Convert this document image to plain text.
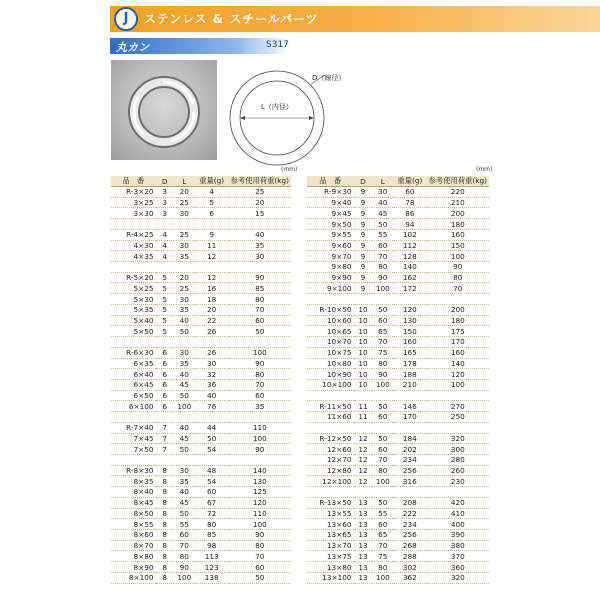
J	ステンレス & スチールパーツ
丸カン	S317
D（線径）
L（内径）
(mm)	(mm)
品　番	D	L	重量(g)	参考使用荷重(kg)
R-3×20	3	20	4	25
3×25	3	25	5	20
3×30	3	30	6	15

R-4×25	4	25	9	40
4×30	4	30	11	35
4×35	4	35	12	30

R-5×20	5	20	12	90
5×25	5	25	16	85
5×30	5	30	18	80
5×35	5	35	20	70
5×40	5	40	22	60
5×50	5	50	26	50

R-6×30	6	30	26	100
6×35	6	35	30	90
6×40	6	40	32	80
6×45	6	45	36	70
6×50	6	50	40	60
6×100	6	100	76	35

R-7×40	7	40	44	110
7×45	7	45	50	100
7×50	7	50	54	90

R-8×30	8	30	48	140
8×35	8	35	54	130
8×40	8	40	60	125
8×45	8	45	67	120
8×50	8	50	72	110
8×55	8	55	80	100
8×60	8	60	85	90
8×70	8	70	98	80
8×80	8	80	113	70
8×90	8	90	123	60
8×100	8	100	138	50
品　番	D	L	重量(g)	参考使用荷重(kg)
R-9×30	9	30	60	220
9×40	9	40	78	210
9×45	9	45	86	200
9×50	9	50	94	180
9×55	9	55	102	160
9×60	9	60	112	150
9×70	9	70	128	100
9×80	9	80	140	90
9×90	9	90	162	80
9×100	9	100	172	70

R-10×50	10	50	120	200
10×60	10	60	130	180
10×65	10	65	150	175
10×70	10	70	160	170
10×75	10	75	165	160
10×80	10	80	178	140
10×90	10	90	188	120
10×100	10	100	210	100

R-11×50	11	50	146	270
11×60	11	60	170	250

R-12×50	12	50	184	320
12×60	12	60	202	300
12×70	12	70	234	280
12×80	12	80	256	260
12×100	12	100	316	230

R-13×50	13	50	208	420
13×55	13	55	222	410
13×60	13	60	234	400
13×65	13	65	256	390
13×70	13	70	268	380
13×75	13	75	288	370
13×80	13	80	302	360
13×100	13	100	362	320
